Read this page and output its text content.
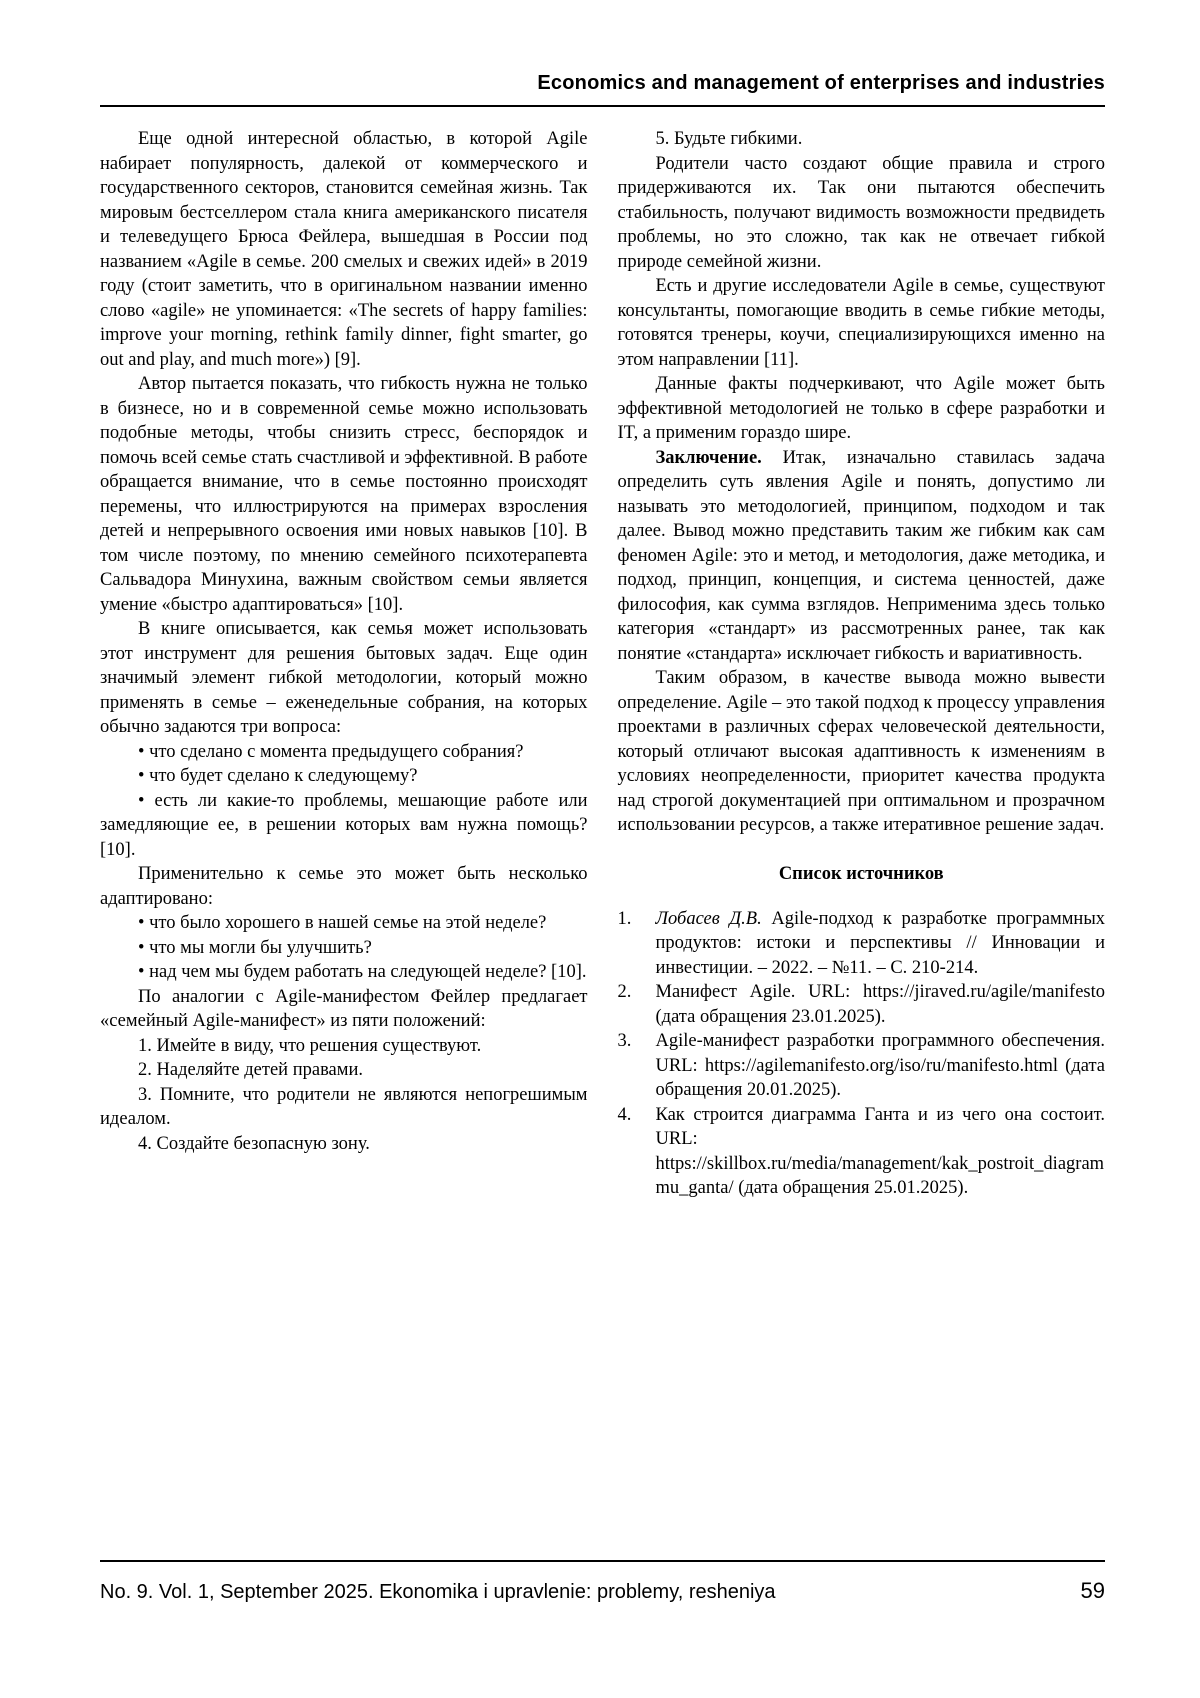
Economics and management of enterprises and industries

Еще одной интересной областью, в которой Agile набирает популярность, далекой от коммерческого и государственного секторов, становится семейная жизнь. Так мировым бестселлером стала книга американского писателя и телеведущего Брюса Фейлера, вышедшая в России под названием «Agile в семье. 200 смелых и свежих идей» в 2019 году (стоит заметить, что в оригинальном названии именно слово «agile» не упоминается: «The secrets of happy families: improve your morning, rethink family dinner, fight smarter, go out and play, and much more») [9].

Автор пытается показать, что гибкость нужна не только в бизнесе, но и в современной семье можно использовать подобные методы, чтобы снизить стресс, беспорядок и помочь всей семье стать счастливой и эффективной. В работе обращается внимание, что в семье постоянно происходят перемены, что иллюстрируются на примерах взросления детей и непрерывного освоения ими новых навыков [10]. В том числе поэтому, по мнению семейного психотерапевта Сальвадора Минухина, важным свойством семьи является умение «быстро адаптироваться» [10].

В книге описывается, как семья может использовать этот инструмент для решения бытовых задач. Еще один значимый элемент гибкой методологии, который можно применять в семье – еженедельные собрания, на которых обычно задаются три вопроса:

• что сделано с момента предыдущего собрания?

• что будет сделано к следующему?

• есть ли какие-то проблемы, мешающие работе или замедляющие ее, в решении которых вам нужна помощь? [10].

Применительно к семье это может быть несколько адаптировано:

• что было хорошего в нашей семье на этой неделе?

• что мы могли бы улучшить?

• над чем мы будем работать на следующей неделе? [10].

По аналогии с Agile-манифестом Фейлер предлагает «семейный Agile-манифест» из пяти положений:

1. Имейте в виду, что решения существуют.

2. Наделяйте детей правами.

3. Помните, что родители не являются непогрешимым идеалом.

4. Создайте безопасную зону.

5. Будьте гибкими.

Родители часто создают общие правила и строго придерживаются их. Так они пытаются обеспечить стабильность, получают видимость возможности предвидеть проблемы, но это сложно, так как не отвечает гибкой природе семейной жизни.

Есть и другие исследователи Agile в семье, существуют консультанты, помогающие вводить в семье гибкие методы, готовятся тренеры, коучи, специализирующихся именно на этом направлении [11].

Данные факты подчеркивают, что Agile может быть эффективной методологией не только в сфере разработки и IT, а применим гораздо шире.

Заключение. Итак, изначально ставилась задача определить суть явления Agile и понять, допустимо ли называть это методологией, принципом, подходом и так далее. Вывод можно представить таким же гибким как сам феномен Agile: это и метод, и методология, даже методика, и подход, принцип, концепция, и система ценностей, даже философия, как сумма взглядов. Неприменима здесь только категория «стандарт» из рассмотренных ранее, так как понятие «стандарта» исключает гибкость и вариативность.

Таким образом, в качестве вывода можно вывести определение. Agile – это такой подход к процессу управления проектами в различных сферах человеческой деятельности, который отличают высокая адаптивность к изменениям в условиях неопределенности, приоритет качества продукта над строгой документацией при оптимальном и прозрачном использовании ресурсов, а также итеративное решение задач.

Список источников
1.	Лобасев Д.В. Agile-подход к разработке программных продуктов: истоки и перспективы // Инновации и инвестиции. – 2022. – №11. – С. 210-214.
2.	Манифест Agile. URL: https://jiraved.ru/agile/manifesto (дата обращения 23.01.2025).
3.	Agile-манифест разработки программного обеспечения. URL: https://agilemanifesto.org/iso/ru/manifesto.html (дата обращения 20.01.2025).
4.	Как строится диаграмма Ганта и из чего она состоит. URL: https://skillbox.ru/media/management/kak_postroit_diagrammu_ganta/ (дата обращения 25.01.2025).
No. 9. Vol. 1, September 2025. Ekonomika i upravlenie: problemy, resheniya	59
